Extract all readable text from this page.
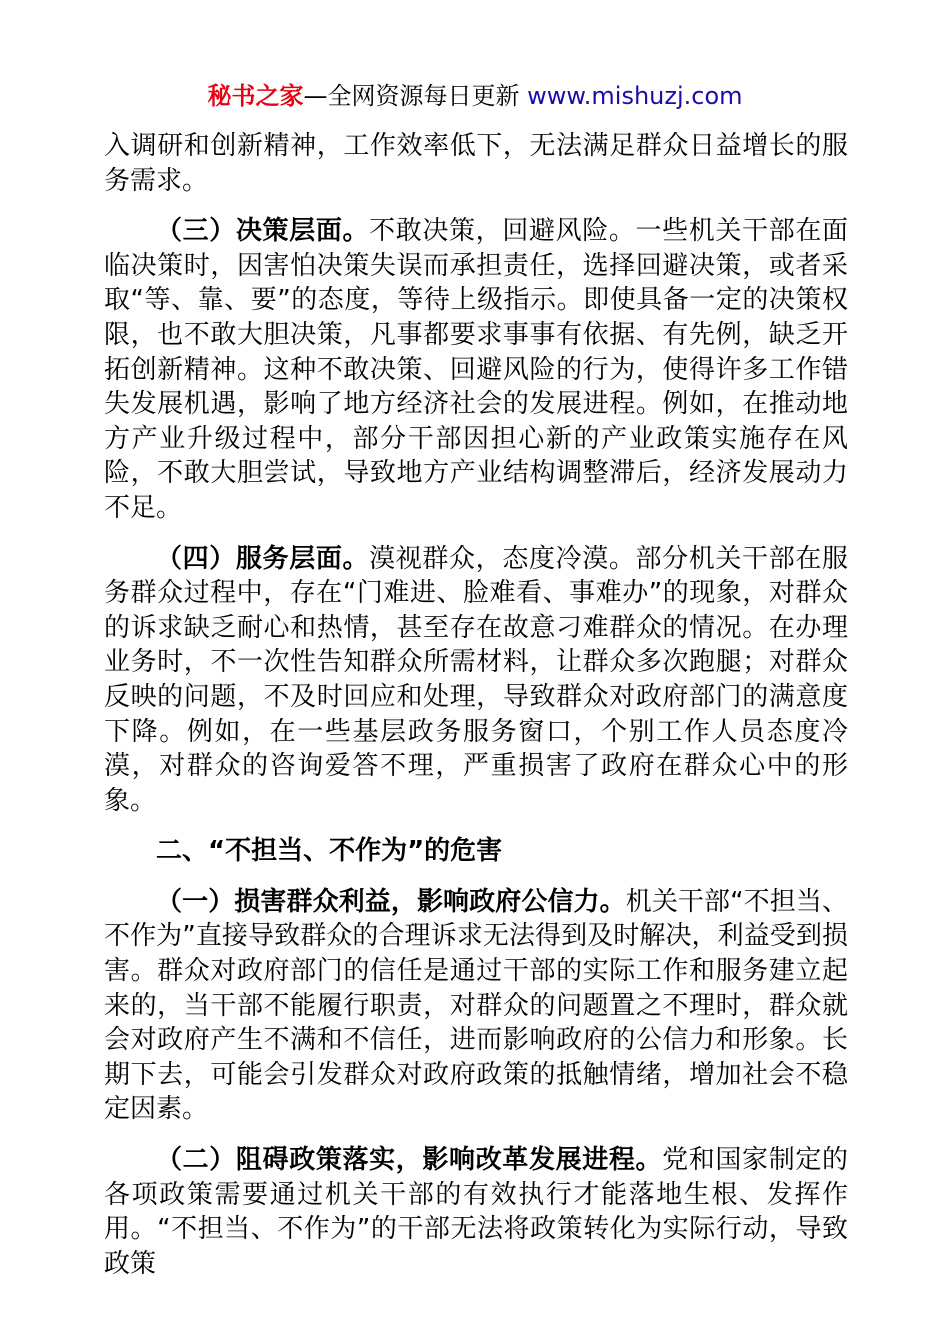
秘书之家—全网资源每日更新 www.mishuzj.com

入调研和创新精神，工作效率低下，无法满足群众日益增长的服务需求。

（三）决策层面。不敢决策，回避风险。一些机关干部在面临决策时，因害怕决策失误而承担责任，选择回避决策，或者采取“等、靠、要”的态度，等待上级指示。即使具备一定的决策权限，也不敢大胆决策，凡事都要求事事有依据、有先例，缺乏开拓创新精神。这种不敢决策、回避风险的行为，使得许多工作错失发展机遇，影响了地方经济社会的发展进程。例如，在推动地方产业升级过程中，部分干部因担心新的产业政策实施存在风险，不敢大胆尝试，导致地方产业结构调整滞后，经济发展动力不足。

（四）服务层面。漠视群众，态度冷漠。部分机关干部在服务群众过程中，存在“门难进、脸难看、事难办”的现象，对群众的诉求缺乏耐心和热情，甚至存在故意刁难群众的情况。在办理业务时，不一次性告知群众所需材料，让群众多次跑腿；对群众反映的问题，不及时回应和处理，导致群众对政府部门的满意度下降。例如，在一些基层政务服务窗口，个别工作人员态度冷漠，对群众的咨询爱答不理，严重损害了政府在群众心中的形象。

二、“不担当、不作为”的危害

（一）损害群众利益，影响政府公信力。机关干部“不担当、不作为”直接导致群众的合理诉求无法得到及时解决，利益受到损害。群众对政府部门的信任是通过干部的实际工作和服务建立起来的，当干部不能履行职责，对群众的问题置之不理时，群众就会对政府产生不满和不信任，进而影响政府的公信力和形象。长期下去，可能会引发群众对政府政策的抵触情绪，增加社会不稳定因素。

（二）阻碍政策落实，影响改革发展进程。党和国家制定的各项政策需要通过机关干部的有效执行才能落地生根、发挥作用。“不担当、不作为”的干部无法将政策转化为实际行动，导致政策
